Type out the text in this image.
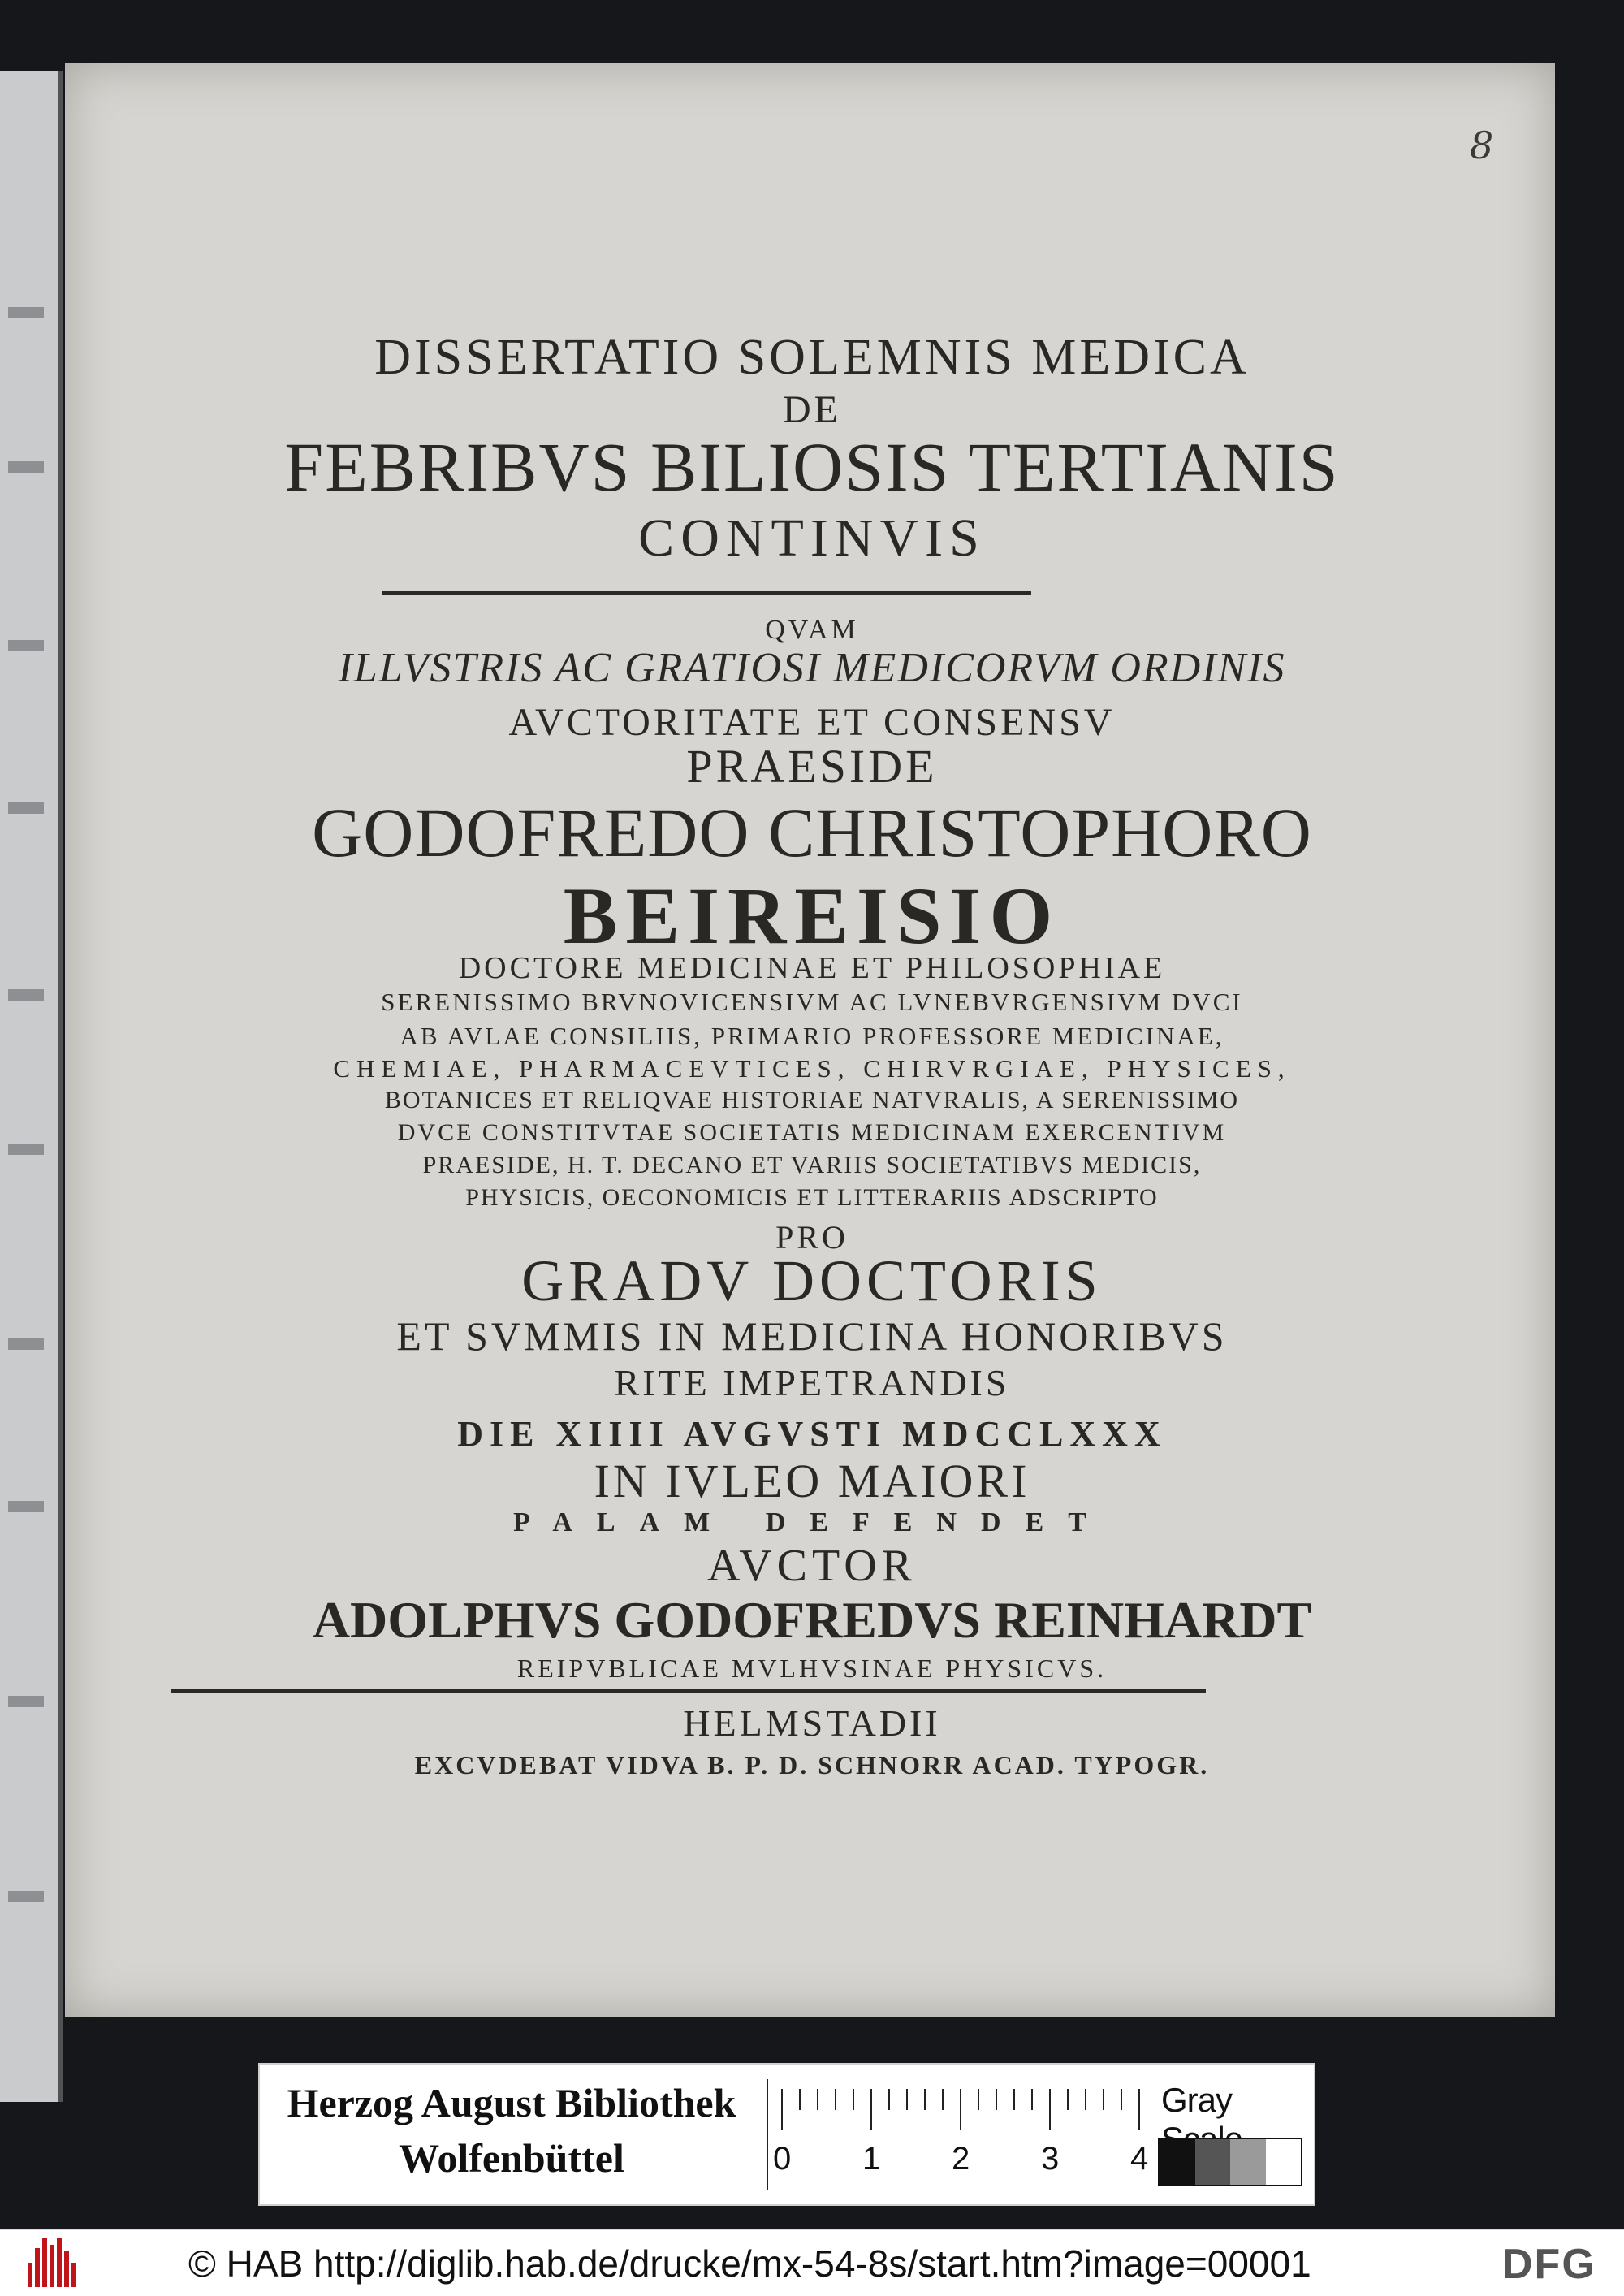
8
DISSERTATIO SOLEMNIS MEDICA
DE
FEBRIBVS BILIOSIS TERTIANIS
CONTINVIS
QVAM
ILLVSTRIS AC GRATIOSI MEDICORVM ORDINIS
AVCTORITATE ET CONSENSV
PRAESIDE
GODOFREDO CHRISTOPHORO
BEIREISIO
DOCTORE MEDICINAE ET PHILOSOPHIAE
SERENISSIMO BRVNOVICENSIVM AC LVNEBVRGENSIVM DVCI
AB AVLAE CONSILIIS, PRIMARIO PROFESSORE MEDICINAE,
CHEMIAE, PHARMACEVTICES, CHIRVRGIAE, PHYSICES,
BOTANICES ET RELIQVAE HISTORIAE NATVRALIS, A SERENISSIMO
DVCE CONSTITVTAE SOCIETATIS MEDICINAM EXERCENTIVM
PRAESIDE, H. T. DECANO ET VARIIS SOCIETATIBVS MEDICIS,
PHYSICIS, OECONOMICIS ET LITTERARIIS ADSCRIPTO
PRO
GRADV DOCTORIS
ET SVMMIS IN MEDICINA HONORIBVS
RITE IMPETRANDIS
DIE XIIII AVGVSTI MDCCLXXX
IN IVLEO MAIORI
PALAM DEFENDET
AVCTOR
ADOLPHVS GODOFREDVS REINHARDT
REIPVBLICAE MVLHVSINAE PHYSICVS.
HELMSTADII
EXCVDEBAT VIDVA B. P. D. SCHNORR ACAD. TYPOGR.
Herzog August Bibliothek
Wolfenbüttel	0 1 2 3 4
Gray
© HAB http://diglib.hab.de/drucke/mx-54-8s/start.htm?image=00001	DFG
